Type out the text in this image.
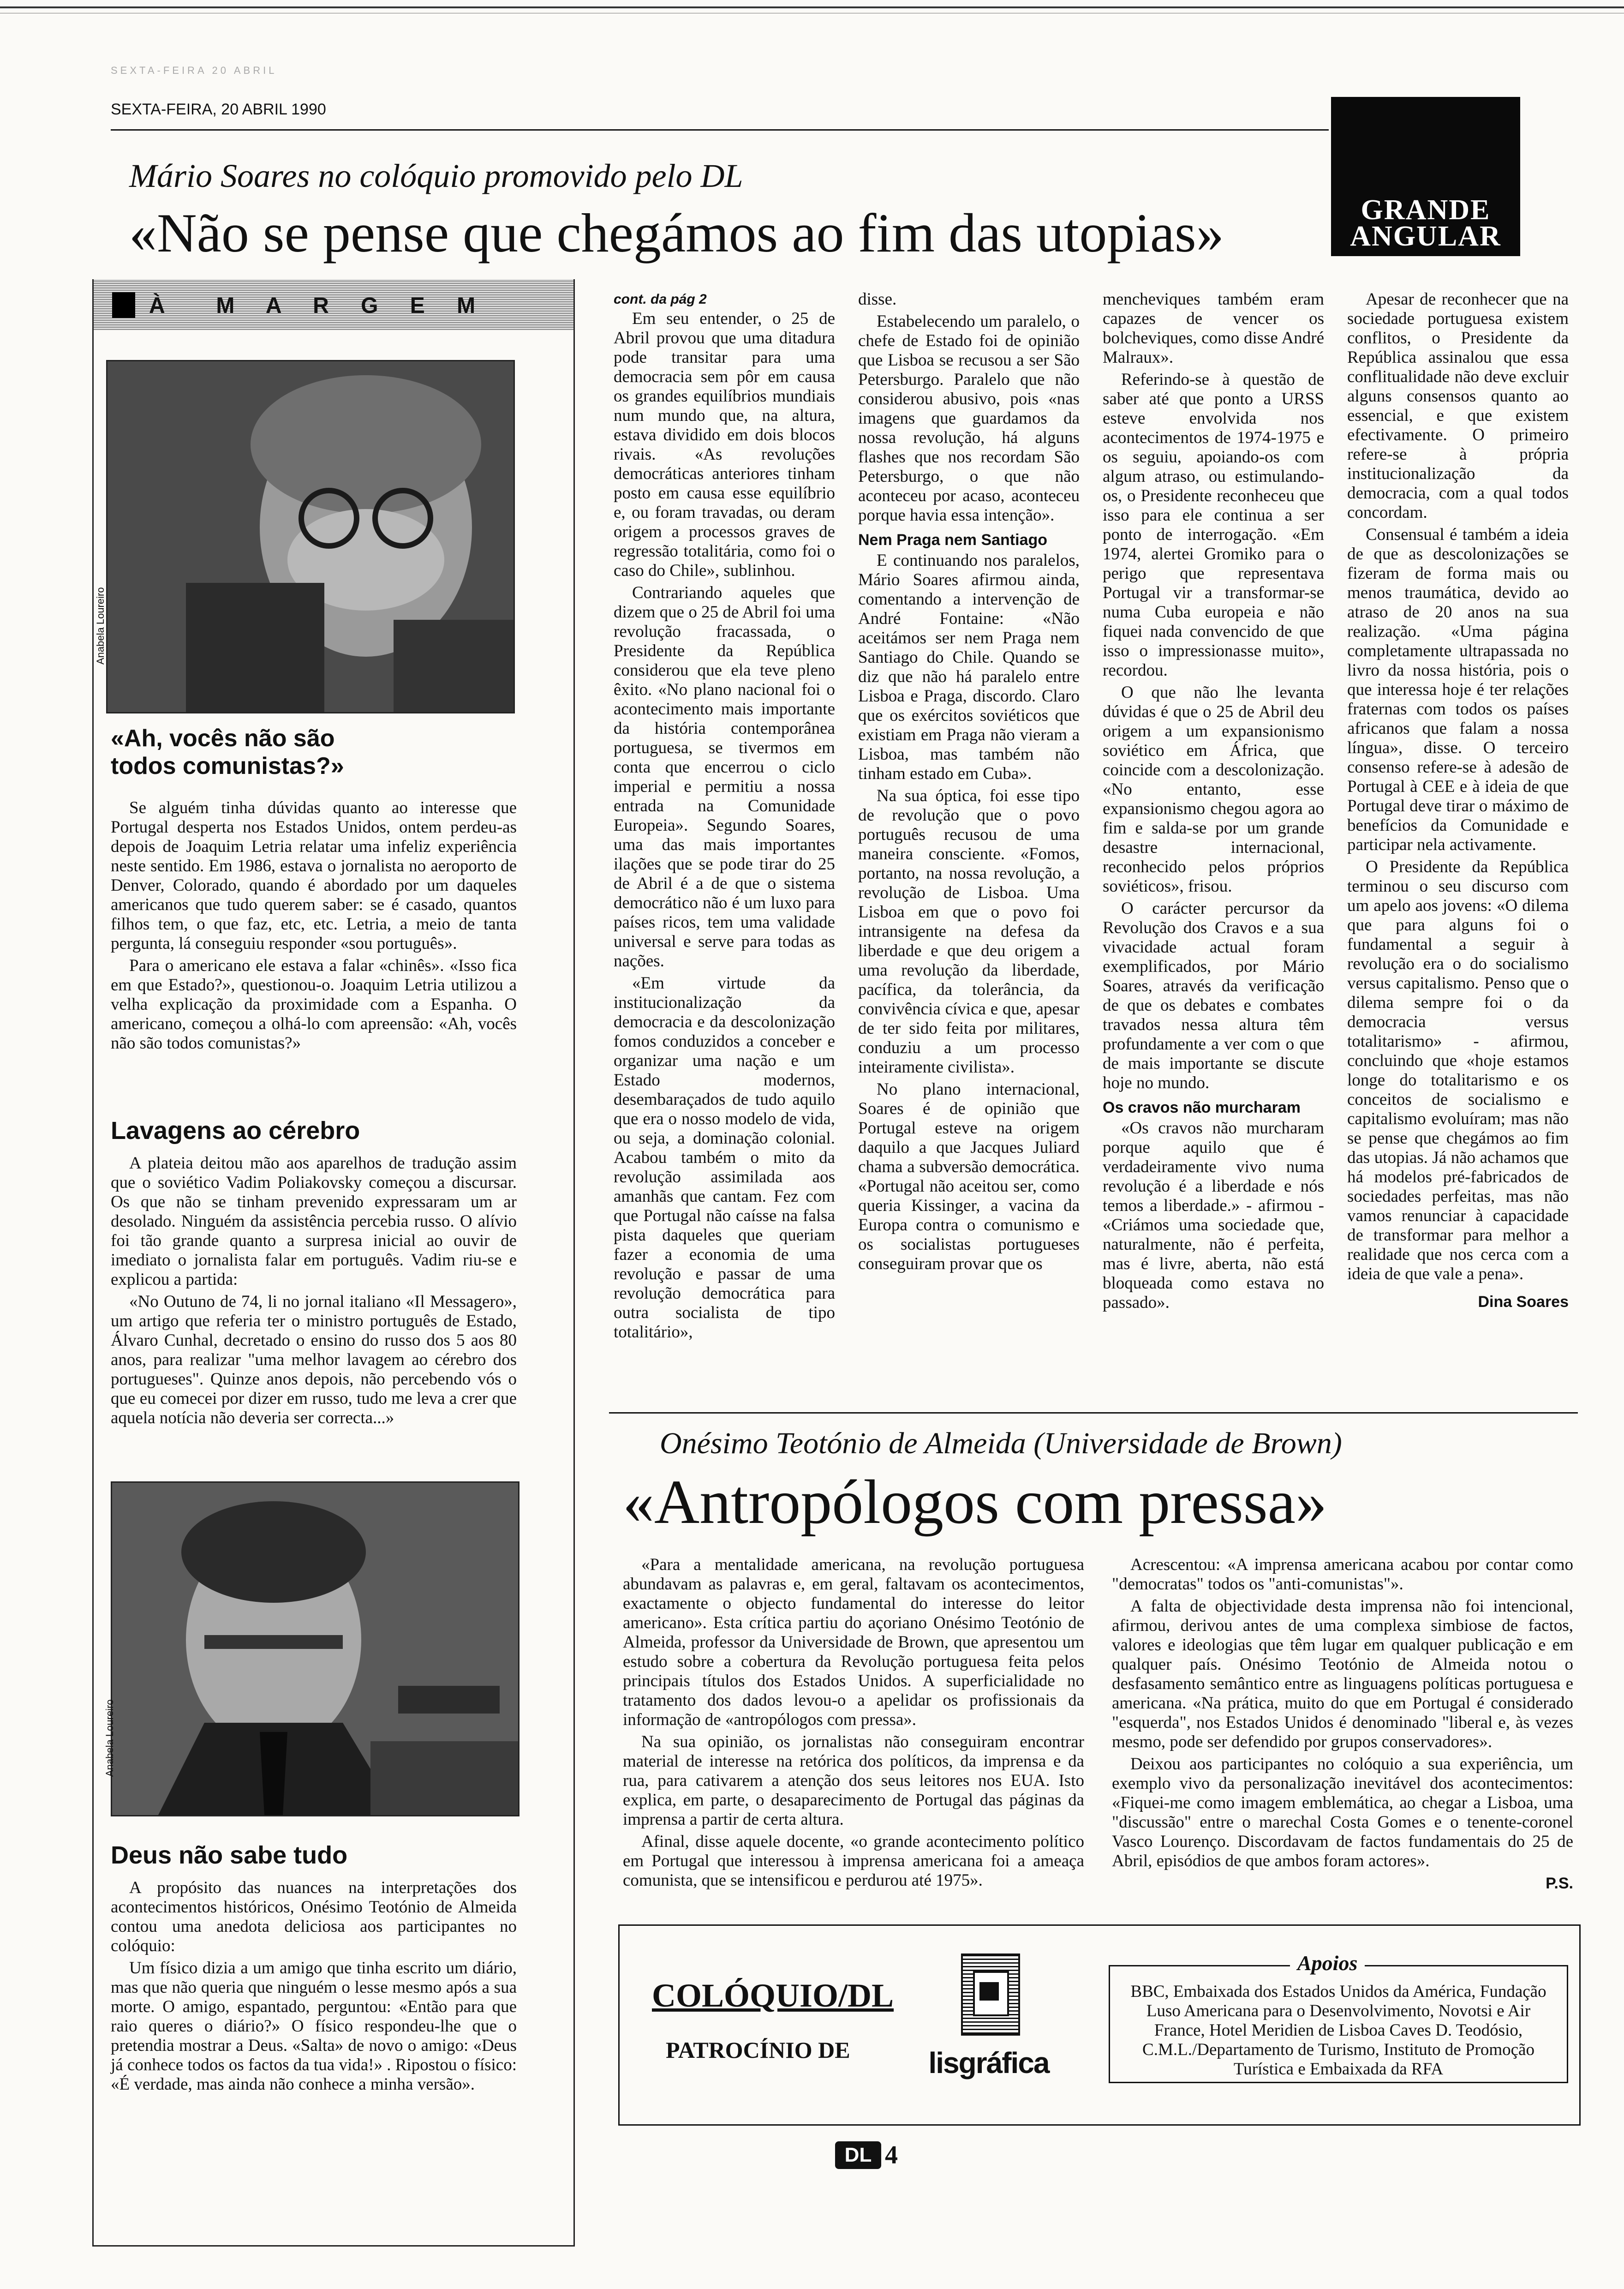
SEXTA-FEIRA 20 ABRIL
SEXTA-FEIRA, 20 ABRIL 1990
GRANDE
ANGULAR
Mário Soares no colóquio promovido pelo DL
«Não se pense que chegámos ao fim das utopias»
À  M A R G E M
Anabela Loureiro
«Ah, vocês não são todos comunistas?»

Se alguém tinha dúvidas quanto ao interesse que Portugal desperta nos Estados Unidos, ontem perdeu-as depois de Joaquim Letria relatar uma infeliz experiência neste sentido. Em 1986, estava o jornalista no aeroporto de Denver, Colorado, quando é abordado por um daqueles americanos que tudo querem saber: se é casado, quantos filhos tem, o que faz, etc, etc. Letria, a meio de tanta pergunta, lá conseguiu responder «sou português».

Para o americano ele estava a falar «chinês». «Isso fica em que Estado?», questionou-o. Joaquim Letria utilizou a velha explicação da proximidade com a Espanha. O americano, começou a olhá-lo com apreensão: «Ah, vocês não são todos comunistas?»

Lavagens ao cérebro

A plateia deitou mão aos aparelhos de tradução assim que o soviético Vadim Poliakovsky começou a discursar. Os que não se tinham prevenido expressaram um ar desolado. Ninguém da assistência percebia russo. O alívio foi tão grande quanto a surpresa inicial ao ouvir de imediato o jornalista falar em português. Vadim riu-se e explicou a partida:

«No Outuno de 74, li no jornal italiano «Il Messagero», um artigo que referia ter o ministro português de Estado, Álvaro Cunhal, decretado o ensino do russo dos 5 aos 80 anos, para realizar "uma melhor lavagem ao cérebro dos portugueses". Quinze anos depois, não percebendo vós o que eu comecei por dizer em russo, tudo me leva a crer que aquela notícia não deveria ser correcta...»

Anabela Loureiro
Deus não sabe tudo

A propósito das nuances na interpretações dos acontecimentos históricos, Onésimo Teotónio de Almeida contou uma anedota deliciosa aos participantes no colóquio:

Um físico dizia a um amigo que tinha escrito um diário, mas que não queria que ninguém o lesse mesmo após a sua morte. O amigo, espantado, perguntou: «Então para que raio queres o diário?» O físico respondeu-lhe que o pretendia mostrar a Deus. «Salta» de novo o amigo: «Deus já conhece todos os factos da tua vida!» . Ripostou o físico: «É verdade, mas ainda não conhece a minha versão».

cont. da pág 2

Em seu entender, o 25 de Abril provou que uma ditadura pode transitar para uma democracia sem pôr em causa os grandes equilíbrios mundiais num mundo que, na altura, estava dividido em dois blocos rivais. «As revoluções democráticas anteriores tinham posto em causa esse equilíbrio e, ou foram travadas, ou deram origem a processos graves de regressão totalitária, como foi o caso do Chile», sublinhou.

Contrariando aqueles que dizem que o 25 de Abril foi uma revolução fracassada, o Presidente da República considerou que ela teve pleno êxito. «No plano nacional foi o acontecimento mais importante da história contemporânea portuguesa, se tivermos em conta que encerrou o ciclo imperial e permitiu a nossa entrada na Comunidade Europeia». Segundo Soares, uma das mais importantes ilações que se pode tirar do 25 de Abril é a de que o sistema democrático não é um luxo para países ricos, tem uma validade universal e serve para todas as nações.

«Em virtude da institucionalização da democracia e da descolonização fomos conduzidos a conceber e organizar uma nação e um Estado modernos, desembaraçados de tudo aquilo que era o nosso modelo de vida, ou seja, a dominação colonial. Acabou também o mito da revolução assimilada aos amanhãs que cantam. Fez com que Portugal não caísse na falsa pista daqueles que queriam fazer a economia de uma revolução e passar de uma revolução democrática para outra socialista de tipo totalitário»,

disse.

Estabelecendo um paralelo, o chefe de Estado foi de opinião que Lisboa se recusou a ser São Petersburgo. Paralelo que não considerou abusivo, pois «nas imagens que guardamos da nossa revolução, há alguns flashes que nos recordam São Petersburgo, o que não aconteceu por acaso, aconteceu porque havia essa intenção».

Nem Praga nem Santiago

E continuando nos paralelos, Mário Soares afirmou ainda, comentando a intervenção de André Fontaine: «Não aceitámos ser nem Praga nem Santiago do Chile. Quando se diz que não há paralelo entre Lisboa e Praga, discordo. Claro que os exércitos soviéticos que existiam em Praga não vieram a Lisboa, mas também não tinham estado em Cuba».

Na sua óptica, foi esse tipo de revolução que o povo português recusou de uma maneira consciente. «Fomos, portanto, na nossa revolução, a revolução de Lisboa. Uma Lisboa em que o povo foi intransigente na defesa da liberdade e que deu origem a uma revolução da liberdade, pacífica, da tolerância, da convivência cívica e que, apesar de ter sido feita por militares, conduziu a um processo inteiramente civilista».

No plano internacional, Soares é de opinião que Portugal esteve na origem daquilo a que Jacques Juliard chama a subversão democrática. «Portugal não aceitou ser, como queria Kissinger, a vacina da Europa contra o comunismo e os socialistas portugueses conseguiram provar que os

mencheviques também eram capazes de vencer os bolcheviques, como disse André Malraux».

Referindo-se à questão de saber até que ponto a URSS esteve envolvida nos acontecimentos de 1974-1975 e os seguiu, apoiando-os com algum atraso, ou estimulando-os, o Presidente reconheceu que isso para ele continua a ser ponto de interrogação. «Em 1974, alertei Gromiko para o perigo que representava Portugal vir a transformar-se numa Cuba europeia e não fiquei nada convencido de que isso o impressionasse muito», recordou.

O que não lhe levanta dúvidas é que o 25 de Abril deu origem a um expansionismo soviético em África, que coincide com a descolonização. «No entanto, esse expansionismo chegou agora ao fim e salda-se por um grande desastre internacional, reconhecido pelos próprios soviéticos», frisou.

O carácter percursor da Revolução dos Cravos e a sua vivacidade actual foram exemplificados, por Mário Soares, através da verificação de que os debates e combates travados nessa altura têm profundamente a ver com o que de mais importante se discute hoje no mundo.

Os cravos não murcharam

«Os cravos não murcharam porque aquilo que é verdadeiramente vivo numa revolução é a liberdade e nós temos a liberdade.» - afirmou - «Criámos uma sociedade que, naturalmente, não é perfeita, mas é livre, aberta, não está bloqueada como estava no passado».

Apesar de reconhecer que na sociedade portuguesa existem conflitos, o Presidente da República assinalou que essa conflitualidade não deve excluir alguns consensos quanto ao essencial, e que existem efectivamente. O primeiro refere-se à própria institucionalização da democracia, com a qual todos concordam.

Consensual é também a ideia de que as descolonizações se fizeram de forma mais ou menos traumática, devido ao atraso de 20 anos na sua realização. «Uma página completamente ultrapassada no livro da nossa história, pois o que interessa hoje é ter relações fraternas com todos os países africanos que falam a nossa língua», disse. O terceiro consenso refere-se à adesão de Portugal à CEE e à ideia de que Portugal deve tirar o máximo de benefícios da Comunidade e participar nela activamente.

O Presidente da República terminou o seu discurso com um apelo aos jovens: «O dilema que para alguns foi o fundamental a seguir à revolução era o do socialismo versus capitalismo. Penso que o dilema sempre foi o da democracia versus totalitarismo» - afirmou, concluindo que «hoje estamos longe do totalitarismo e os conceitos de socialismo e capitalismo evoluíram; mas não se pense que chegámos ao fim das utopias. Já não achamos que há modelos pré-fabricados de sociedades perfeitas, mas não vamos renunciar à capacidade de transformar para melhor a realidade que nos cerca com a ideia de que vale a pena».

Dina Soares
Onésimo Teotónio de Almeida (Universidade de Brown)
«Antropólogos com pressa»

«Para a mentalidade americana, na revolução portuguesa abundavam as palavras e, em geral, faltavam os acontecimentos, exactamente o objecto fundamental do interesse do leitor americano». Esta crítica partiu do açoriano Onésimo Teotónio de Almeida, professor da Universidade de Brown, que apresentou um estudo sobre a cobertura da Revolução portuguesa feita pelos principais títulos dos Estados Unidos. A superficialidade no tratamento dos dados levou-o a apelidar os profissionais da informação de «antropólogos com pressa».

Na sua opinião, os jornalistas não conseguiram encontrar material de interesse na retórica dos políticos, da imprensa e da rua, para cativarem a atenção dos seus leitores nos EUA. Isto explica, em parte, o desaparecimento de Portugal das páginas da imprensa a partir de certa altura.

Afinal, disse aquele docente, «o grande acontecimento político em Portugal que interessou à imprensa americana foi a ameaça comunista, que se intensificou e perdurou até 1975».

Acrescentou: «A imprensa americana acabou por contar como "democratas" todos os "anti-comunistas"».

A falta de objectividade desta imprensa não foi intencional, afirmou, derivou antes de uma complexa simbiose de factos, valores e ideologias que têm lugar em qualquer publicação e em qualquer país. Onésimo Teotónio de Almeida notou o desfasamento semântico entre as linguagens políticas portuguesa e americana. «Na prática, muito do que em Portugal é considerado "esquerda", nos Estados Unidos é denominado "liberal e, às vezes mesmo, pode ser defendido por grupos conservadores».

Deixou aos participantes no colóquio a sua experiência, um exemplo vivo da personalização inevitável dos acontecimentos: «Fiquei-me como imagem emblemática, ao chegar a Lisboa, uma "discussão" entre o marechal Costa Gomes e o tenente-coronel Vasco Lourenço. Discordavam de factos fundamentais do 25 de Abril, episódios de que ambos foram actores».

P.S.
COLÓQUIO/DL
PATROCÍNIO DE	lisgráfica
Apoios
BBC, Embaixada dos Estados Unidos da América, Fundação Luso Americana para o Desenvolvimento, Novotsi e Air France, Hotel Meridien de Lisboa Caves D. Teodósio, C.M.L./Departamento de Turismo, Instituto de Promoção Turística e Embaixada da RFA
DL 4
